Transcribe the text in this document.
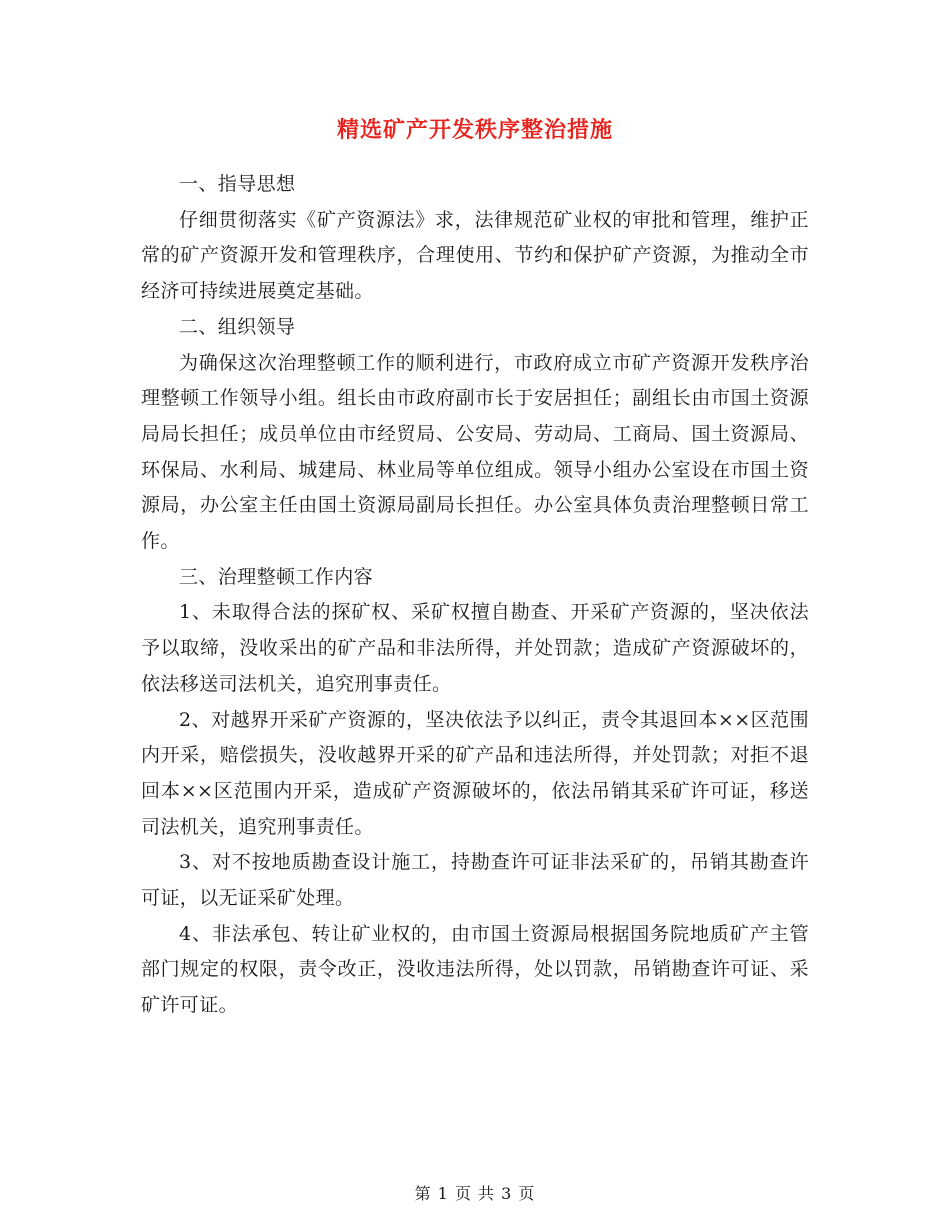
精选矿产开发秩序整治措施

一、指导思想

仔细贯彻落实《矿产资源法》求，法律规范矿业权的审批和管理，维护正常的矿产资源开发和管理秩序，合理使用、节约和保护矿产资源，为推动全市经济可持续进展奠定基础。

二、组织领导

为确保这次治理整顿工作的顺利进行，市政府成立市矿产资源开发秩序治理整顿工作领导小组。组长由市政府副市长于安居担任；副组长由市国土资源局局长担任；成员单位由市经贸局、公安局、劳动局、工商局、国土资源局、环保局、水利局、城建局、林业局等单位组成。领导小组办公室设在市国土资源局，办公室主任由国土资源局副局长担任。办公室具体负责治理整顿日常工作。

三、治理整顿工作内容

1、未取得合法的探矿权、采矿权擅自勘查、开采矿产资源的，坚决依法予以取缔，没收采出的矿产品和非法所得，并处罚款；造成矿产资源破坏的，依法移送司法机关，追究刑事责任。

2、对越界开采矿产资源的，坚决依法予以纠正，责令其退回本××区范围内开采，赔偿损失，没收越界开采的矿产品和违法所得，并处罚款；对拒不退回本××区范围内开采，造成矿产资源破坏的，依法吊销其采矿许可证，移送司法机关，追究刑事责任。

3、对不按地质勘查设计施工，持勘查许可证非法采矿的，吊销其勘查许可证，以无证采矿处理。

4、非法承包、转让矿业权的，由市国土资源局根据国务院地质矿产主管部门规定的权限，责令改正，没收违法所得，处以罚款，吊销勘查许可证、采矿许可证。

第 1 页 共 3 页
